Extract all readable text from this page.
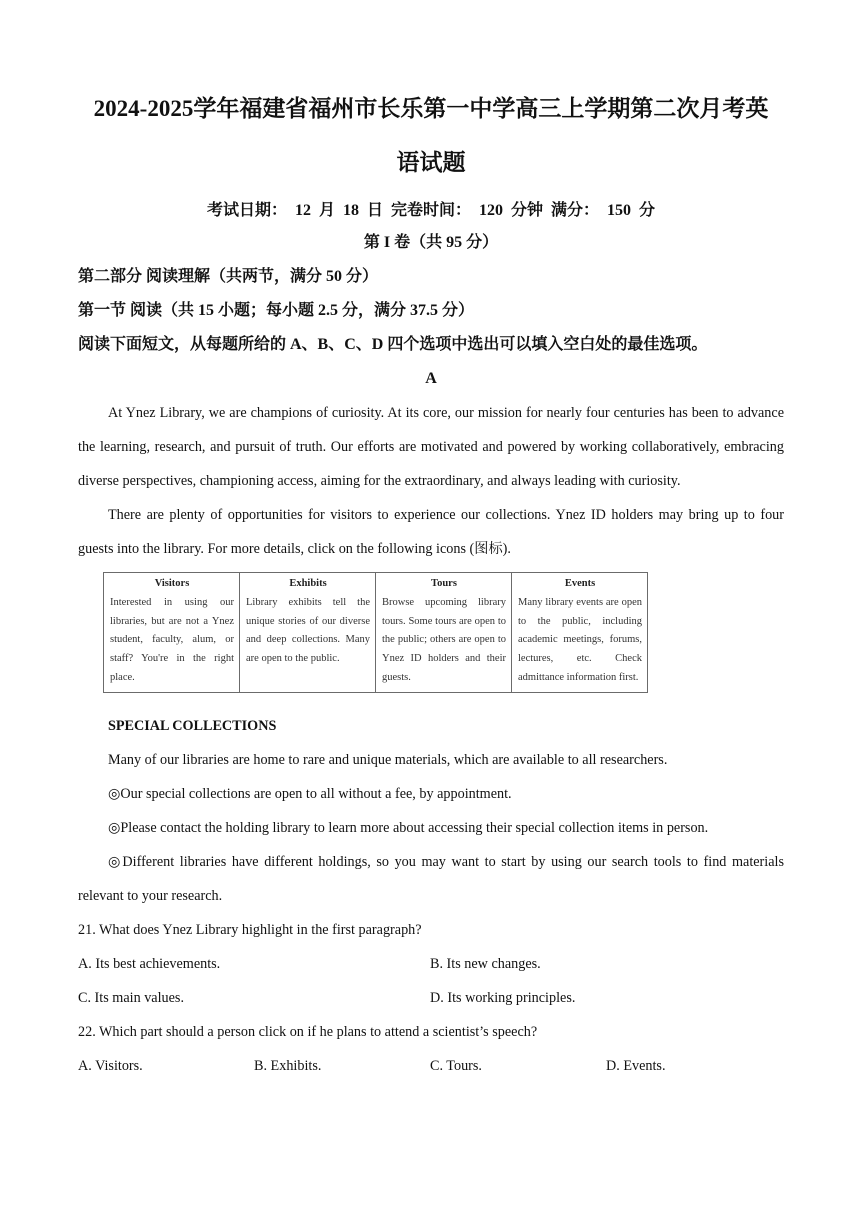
2024-2025学年福建省福州市长乐第一中学高三上学期第二次月考英
语试题
考试日期： 12 月 18 日 完卷时间： 120 分钟 满分： 150 分
第 I 卷（共 95 分）
第二部分 阅读理解（共两节，满分 50 分）
第一节 阅读（共 15 小题；每小题 2.5 分，满分 37.5 分）
阅读下面短文，从每题所给的 A、B、C、D 四个选项中选出可以填入空白处的最佳选项。
A

At Ynez Library, we are champions of curiosity. At its core, our mission for nearly four centuries has been to advance the learning, research, and pursuit of truth. Our efforts are motivated and powered by working collaboratively, embracing diverse perspectives, championing access, aiming for the extraordinary, and always leading with curiosity.

There are plenty of opportunities for visitors to experience our collections. Ynez ID holders may bring up to four guests into the library. For more details, click on the following icons (图标).

Visitors
Interested in using our libraries, but are not a Ynez student, faculty, alum, or staff? You're in the right place.

Exhibits
Library exhibits tell the unique stories of our diverse and deep collections. Many are open to the public.

Tours
Browse upcoming library tours. Some tours are open to the public; others are open to Ynez ID holders and their guests.

Events
Many library events are open to the public, including academic meetings, forums, lectures, etc. Check admittance information first.
SPECIAL COLLECTIONS

Many of our libraries are home to rare and unique materials, which are available to all researchers.

◎Our special collections are open to all without a fee, by appointment.

◎Please contact the holding library to learn more about accessing their special collection items in person.

◎Different libraries have different holdings, so you may want to start by using our search tools to find materials relevant to your research.

21. What does Ynez Library highlight in the first paragraph?
A. Its best achievements.	B. Its new changes.
C. Its main values.	D. Its working principles.
22. Which part should a person click on if he plans to attend a scientist’s speech?
A. Visitors.	B. Exhibits.	C. Tours.	D. Events.
